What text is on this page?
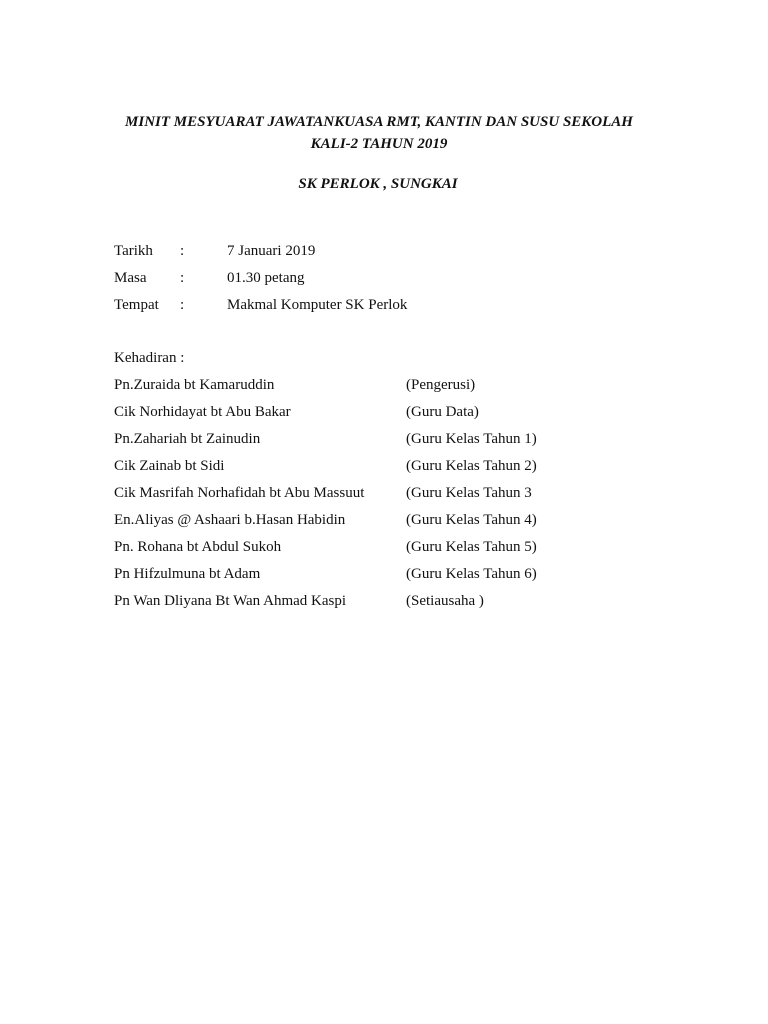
MINIT MESYUARAT JAWATANKUASA RMT, KANTIN DAN SUSU SEKOLAH
KALI-2 TAHUN 2019
SK PERLOK , SUNGKAI
Tarikh :	7 Januari 2019
Masa :	01.30 petang
Tempat :	Makmal Komputer SK Perlok
Kehadiran :
Pn.Zuraida bt Kamaruddin	(Pengerusi)
Cik Norhidayat bt Abu Bakar	(Guru Data)
Pn.Zahariah bt Zainudin	(Guru Kelas Tahun 1)
Cik Zainab bt Sidi	(Guru Kelas Tahun 2)
Cik Masrifah Norhafidah bt Abu Massuut	(Guru Kelas Tahun 3
En.Aliyas @ Ashaari b.Hasan Habidin	(Guru Kelas Tahun 4)
Pn. Rohana bt Abdul Sukoh	(Guru Kelas Tahun 5)
Pn Hifzulmuna bt Adam	(Guru Kelas Tahun 6)
Pn Wan Dliyana Bt Wan Ahmad Kaspi	(Setiausaha )
